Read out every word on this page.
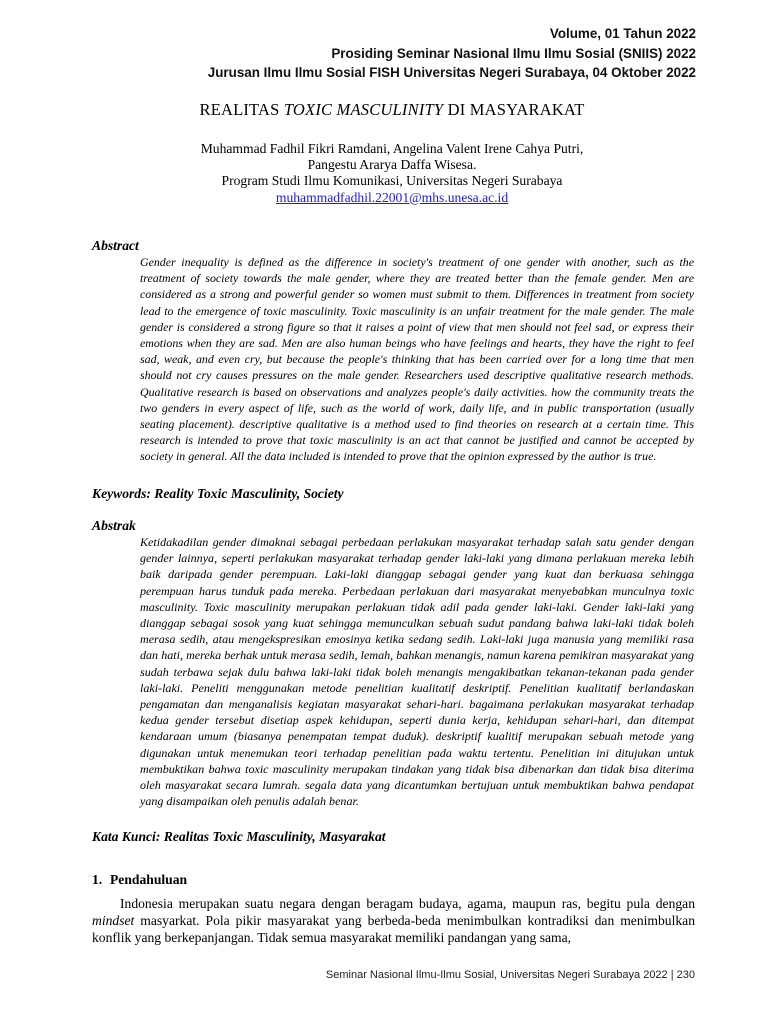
Volume, 01 Tahun 2022
Prosiding Seminar Nasional Ilmu Ilmu Sosial (SNIIS) 2022
Jurusan Ilmu Ilmu Sosial FISH Universitas Negeri Surabaya, 04 Oktober 2022
REALITAS TOXIC MASCULINITY DI MASYARAKAT
Muhammad Fadhil Fikri Ramdani, Angelina Valent Irene Cahya Putri,
Pangestu Ararya Daffa Wisesa.
Program Studi Ilmu Komunikasi, Universitas Negeri Surabaya
muhammadfadhil.22001@mhs.unesa.ac.id
Abstract
Gender inequality is defined as the difference in society's treatment of one gender with another, such as the treatment of society towards the male gender, where they are treated better than the female gender. Men are considered as a strong and powerful gender so women must submit to them. Differences in treatment from society lead to the emergence of toxic masculinity. Toxic masculinity is an unfair treatment for the male gender. The male gender is considered a strong figure so that it raises a point of view that men should not feel sad, or express their emotions when they are sad. Men are also human beings who have feelings and hearts, they have the right to feel sad, weak, and even cry, but because the people's thinking that has been carried over for a long time that men should not cry causes pressures on the male gender. Researchers used descriptive qualitative research methods. Qualitative research is based on observations and analyzes people's daily activities. how the community treats the two genders in every aspect of life, such as the world of work, daily life, and in public transportation (usually seating placement). descriptive qualitative is a method used to find theories on research at a certain time. This research is intended to prove that toxic masculinity is an act that cannot be justified and cannot be accepted by society in general. All the data included is intended to prove that the opinion expressed by the author is true.
Keywords: Reality Toxic Masculinity, Society
Abstrak
Ketidakadilan gender dimaknai sebagai perbedaan perlakukan masyarakat terhadap salah satu gender dengan gender lainnya, seperti perlakukan masyarakat terhadap gender laki-laki yang dimana perlakuan mereka lebih baik daripada gender perempuan. Laki-laki dianggap sebagai gender yang kuat dan berkuasa sehingga perempuan harus tunduk pada mereka. Perbedaan perlakuan dari masyarakat menyebabkan munculnya toxic masculinity. Toxic masculinity merupakan perlakuan tidak adil pada gender laki-laki. Gender laki-laki yang dianggap sebagai sosok yang kuat sehingga memunculkan sebuah sudut pandang bahwa laki-laki tidak boleh merasa sedih, atau mengekspresikan emosinya ketika sedang sedih. Laki-laki juga manusia yang memiliki rasa dan hati, mereka berhak untuk merasa sedih, lemah, bahkan menangis, namun karena pemikiran masyarakat yang sudah terbawa sejak dulu bahwa laki-laki tidak boleh menangis mengakibatkan tekanan-tekanan pada gender laki-laki. Peneliti menggunakan metode penelitian kualitatif deskriptif. Penelitian kualitatif berlandaskan pengamatan dan menganalisis kegiatan masyarakat sehari-hari. bagaimana perlakukan masyarakat terhadap kedua gender tersebut disetiap aspek kehidupan, seperti dunia kerja, kehidupan sehari-hari, dan ditempat kendaraan umum (biasanya penempatan tempat duduk). deskriptif kualitif merupakan sebuah metode yang digunakan untuk menemukan teori terhadap penelitian pada waktu tertentu. Penelitian ini ditujukan untuk membuktikan bahwa toxic masculinity merupakan tindakan yang tidak bisa dibenarkan dan tidak bisa diterima oleh masyarakat secara lumrah. segala data yang dicantumkan bertujuan untuk membuktikan bahwa pendapat yang disampaikan oleh penulis adalah benar.
Kata Kunci: Realitas Toxic Masculinity, Masyarakat
1. Pendahuluan
Indonesia merupakan suatu negara dengan beragam budaya, agama, maupun ras, begitu pula dengan mindset masyarkat. Pola pikir masyarakat yang berbeda-beda menimbulkan kontradiksi dan menimbulkan konflik yang berkepanjangan. Tidak semua masyarakat memiliki pandangan yang sama,
Seminar Nasional Ilmu-Ilmu Sosial, Universitas Negeri Surabaya 2022 | 230
